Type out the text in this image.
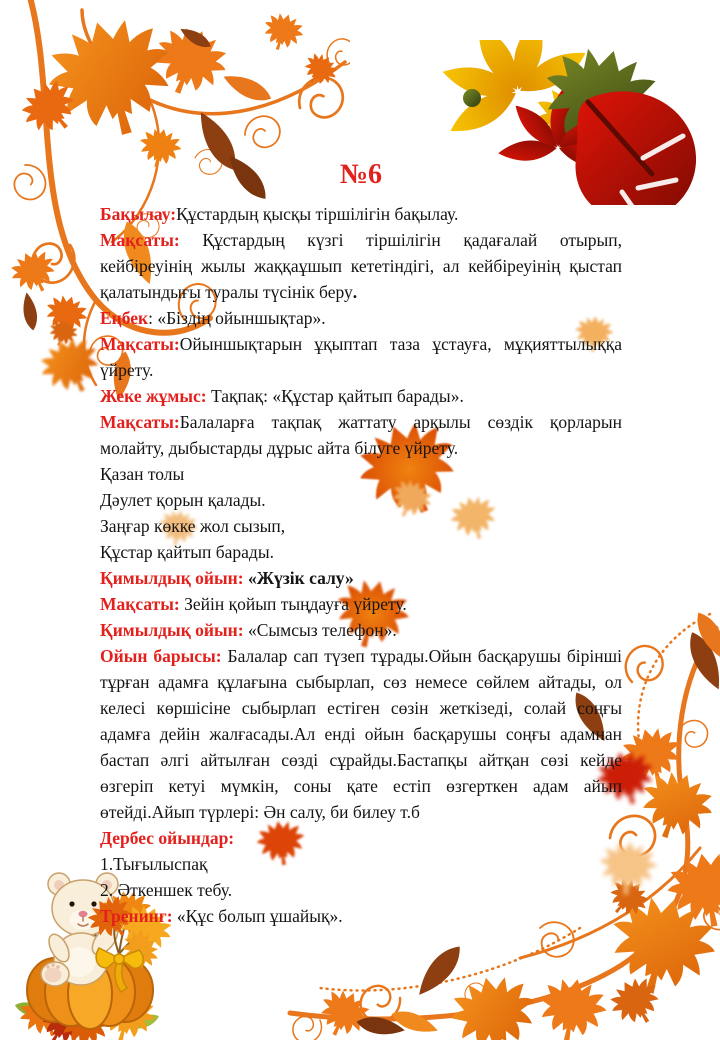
№6

Бақылау:Құстардың қысқы тіршілігін бақылау.

Мақсаты: Құстардың күзгі тіршілігін қадағалай отырып, кейбіреуінің жылы жаққаұшып кететіндігі, ал кейбіреуінің қыстап қалатындығы туралы түсінік беру.

Еңбек: «Біздің ойыншықтар».

Мақсаты:Ойыншықтарын ұқыптап таза ұстауға, мұқияттылыққа үйрету.

Жеке жұмыс: Тақпақ: «Құстар қайтып барады».

Мақсаты:Балаларға тақпақ жаттату арқылы сөздік қорларын молайту, дыбыстарды дұрыс айта білуге үйрету.

Қазан толы

Дәулет қорын қалады.

Заңғар көкке жол сызып,

Құстар қайтып барады.

Қимылдық ойын: «Жүзік салу»

Мақсаты: Зейін қойып тыңдауға үйрету.

Қимылдық ойын: «Сымсыз телефон».

Ойын барысы: Балалар сап түзеп тұрады.Ойын басқарушы бірінші тұрған адамға құлағына сыбырлап, сөз немесе сөйлем айтады, ол келесі көршісіне сыбырлап естіген сөзін жеткізеді, солай соңғы адамға дейін жалғасады.Ал енді ойын басқарушы соңғы адамнан бастап әлгі айтылған сөзді сұрайды.Бастапқы айтқан сөзі кейде өзгеріп кетуі мүмкін, соны қате естіп өзгерткен адам айып өтейді.Айып түрлері: Ән салу, би билеу т.б

Дербес ойындар:

1.Тығылыспақ

2. Әткеншек тебу.

Тренинг: «Құс болып ұшайық».
